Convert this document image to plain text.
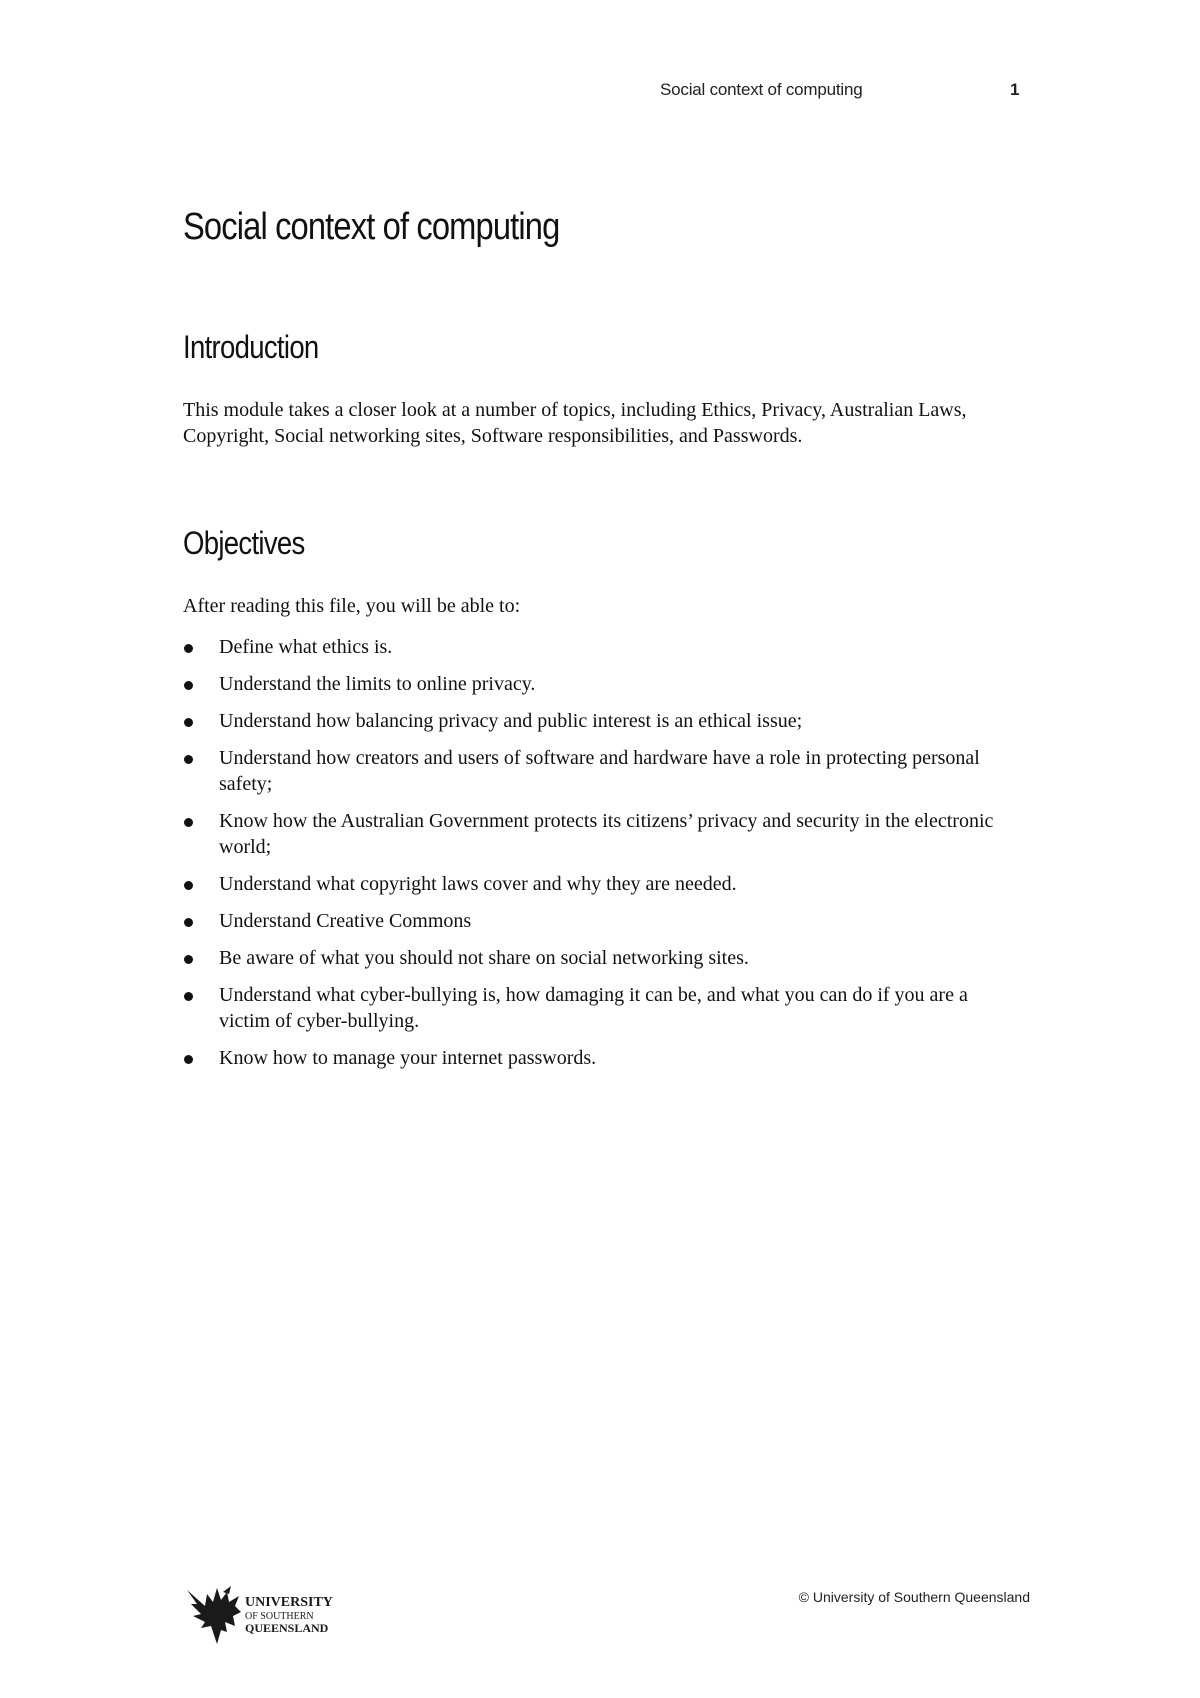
Social context of computing	1
Social context of computing
Introduction

This module takes a closer look at a number of topics, including Ethics, Privacy, Australian Laws, Copyright, Social networking sites, Software responsibilities, and Passwords.

Objectives

After reading this file, you will be able to:

Define what ethics is.
Understand the limits to online privacy.
Understand how balancing privacy and public interest is an ethical issue;
Understand how creators and users of software and hardware have a role in protecting personal safety;
Know how the Australian Government protects its citizens’ privacy and security in the electronic world;
Understand what copyright laws cover and why they are needed.
Understand Creative Commons
Be aware of what you should not share on social networking sites.
Understand what cyber-bullying is, how damaging it can be, and what you can do if you are a victim of cyber-bullying.
Know how to manage your internet passwords.
© University of Southern Queensland
UNIVERSITY
OF SOUTHERN
QUEENSLAND
